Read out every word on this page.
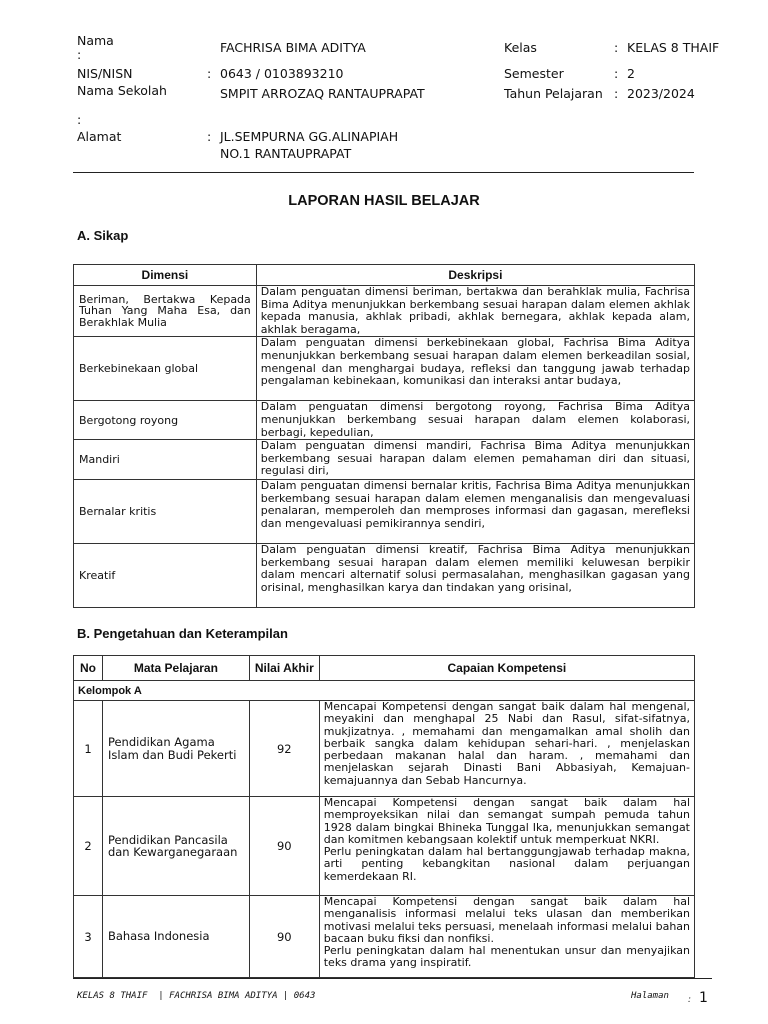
Nama
:	FACHRISA BIMA ADITYA
NIS/NISN	: 0643 / 0103893210
Nama Sekolah	SMPIT ARROZAQ RANTAUPRAPAT
:
Alamat	: JL.SEMPURNA GG.ALINAPIAH
NO.1 RANTAUPRAPAT
Kelas	: KELAS 8 THAIF
Semester	: 2
Tahun Pelajaran : 2023/2024
LAPORAN HASIL BELAJAR
A. Sikap
Dimensi	Deskripsi
Beriman, Bertakwa Kepada Tuhan Yang Maha Esa, dan Berakhlak Mulia	Dalam penguatan dimensi beriman, bertakwa dan berahklak mulia, Fachrisa Bima Aditya menunjukkan berkembang sesuai harapan dalam elemen akhlak kepada manusia, akhlak pribadi, akhlak bernegara, akhlak kepada alam, akhlak beragama,
Berkebinekaan global	Dalam penguatan dimensi berkebinekaan global, Fachrisa Bima Aditya menunjukkan berkembang sesuai harapan dalam elemen berkeadilan sosial, mengenal dan menghargai budaya, refleksi dan tanggung jawab terhadap pengalaman kebinekaan, komunikasi dan interaksi antar budaya,
Bergotong royong	Dalam penguatan dimensi bergotong royong, Fachrisa Bima Aditya menunjukkan berkembang sesuai harapan dalam elemen kolaborasi, berbagi, kepedulian,
Mandiri	Dalam penguatan dimensi mandiri, Fachrisa Bima Aditya menunjukkan berkembang sesuai harapan dalam elemen pemahaman diri dan situasi, regulasi diri,
Bernalar kritis	Dalam penguatan dimensi bernalar kritis, Fachrisa Bima Aditya menunjukkan berkembang sesuai harapan dalam elemen menganalisis dan mengevaluasi penalaran, memperoleh dan memproses informasi dan gagasan, merefleksi dan mengevaluasi pemikirannya sendiri,
Kreatif	Dalam penguatan dimensi kreatif, Fachrisa Bima Aditya menunjukkan berkembang sesuai harapan dalam elemen memiliki keluwesan berpikir dalam mencari alternatif solusi permasalahan, menghasilkan gagasan yang orisinal, menghasilkan karya dan tindakan yang orisinal,
B. Pengetahuan dan Keterampilan
No	Mata Pelajaran	Nilai Akhir	Capaian Kompetensi
Kelompok A			
1	Pendidikan Agama Islam dan Budi Pekerti	92	Mencapai Kompetensi dengan sangat baik dalam hal mengenal, meyakini dan menghapal 25 Nabi dan Rasul, sifat-sifatnya, mukjizatnya. , memahami dan mengamalkan amal sholih dan berbaik sangka dalam kehidupan sehari-hari. , menjelaskan perbedaan makanan halal dan haram. , memahami dan menjelaskan sejarah Dinasti Bani Abbasiyah, Kemajuan-kemajuannya dan Sebab Hancurnya.

2	Pendidikan Pancasila dan Kewarganegaraan	90	Mencapai Kompetensi dengan sangat baik dalam hal memproyeksikan nilai dan semangat sumpah pemuda tahun 1928 dalam bingkai Bhineka Tunggal Ika, menunjukkan semangat dan komitmen kebangsaan kolektif untuk memperkuat NKRI.
Perlu peningkatan dalam hal bertanggungjawab terhadap makna, arti penting kebangkitan nasional dalam perjuangan kemerdekaan RI.

3	Bahasa Indonesia	90	Mencapai Kompetensi dengan sangat baik dalam hal menganalisis informasi melalui teks ulasan dan memberikan motivasi melalui teks persuasi, menelaah informasi melalui bahan bacaan buku fiksi dan nonfiksi.
Perlu peningkatan dalam hal menentukan unsur dan menyajikan teks drama yang inspiratif.
KELAS 8 THAIF  | FACHRISA BIMA ADITYA | 0643	Halaman : 1
